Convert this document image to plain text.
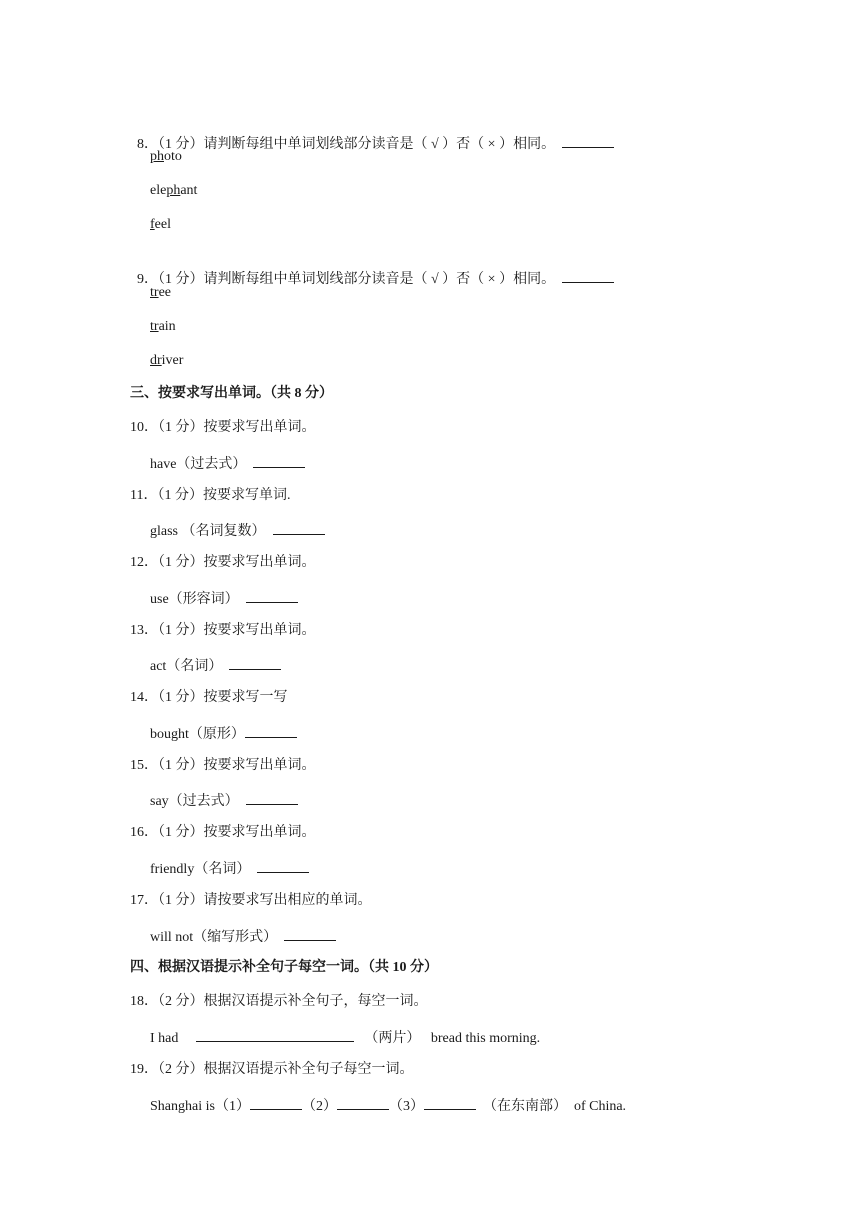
8．（1 分）请判断每组中单词划线部分读音是（ √ ）否（ × ）相同。

photo
elephant
feel

9．（1 分）请判断每组中单词划线部分读音是（ √ ）否（ × ）相同。

tree
train
driver
三、按要求写出单词。（共 8 分）
10．（1 分）按要求写出单词。
have（过去式）
11．（1 分）按要求写单词.
glass （名词复数）
12．（1 分）按要求写出单词。
use（形容词）
13．（1 分）按要求写出单词。
act（名词）
14．（1 分）按要求写一写
bought（原形）
15．（1 分）按要求写出单词。
say（过去式）
16．（1 分）按要求写出单词。
friendly（名词）
17．（1 分）请按要求写出相应的单词。
will not（缩写形式）
四、根据汉语提示补全句子每空一词。（共 10 分）
18．（2 分）根据汉语提示补全句子，每空一词。
I had	（两片） bread this morning.
19．（2 分）根据汉语提示补全句子每空一词。
Shanghai is（1）	（2）	（3）	（在东南部） of China.
